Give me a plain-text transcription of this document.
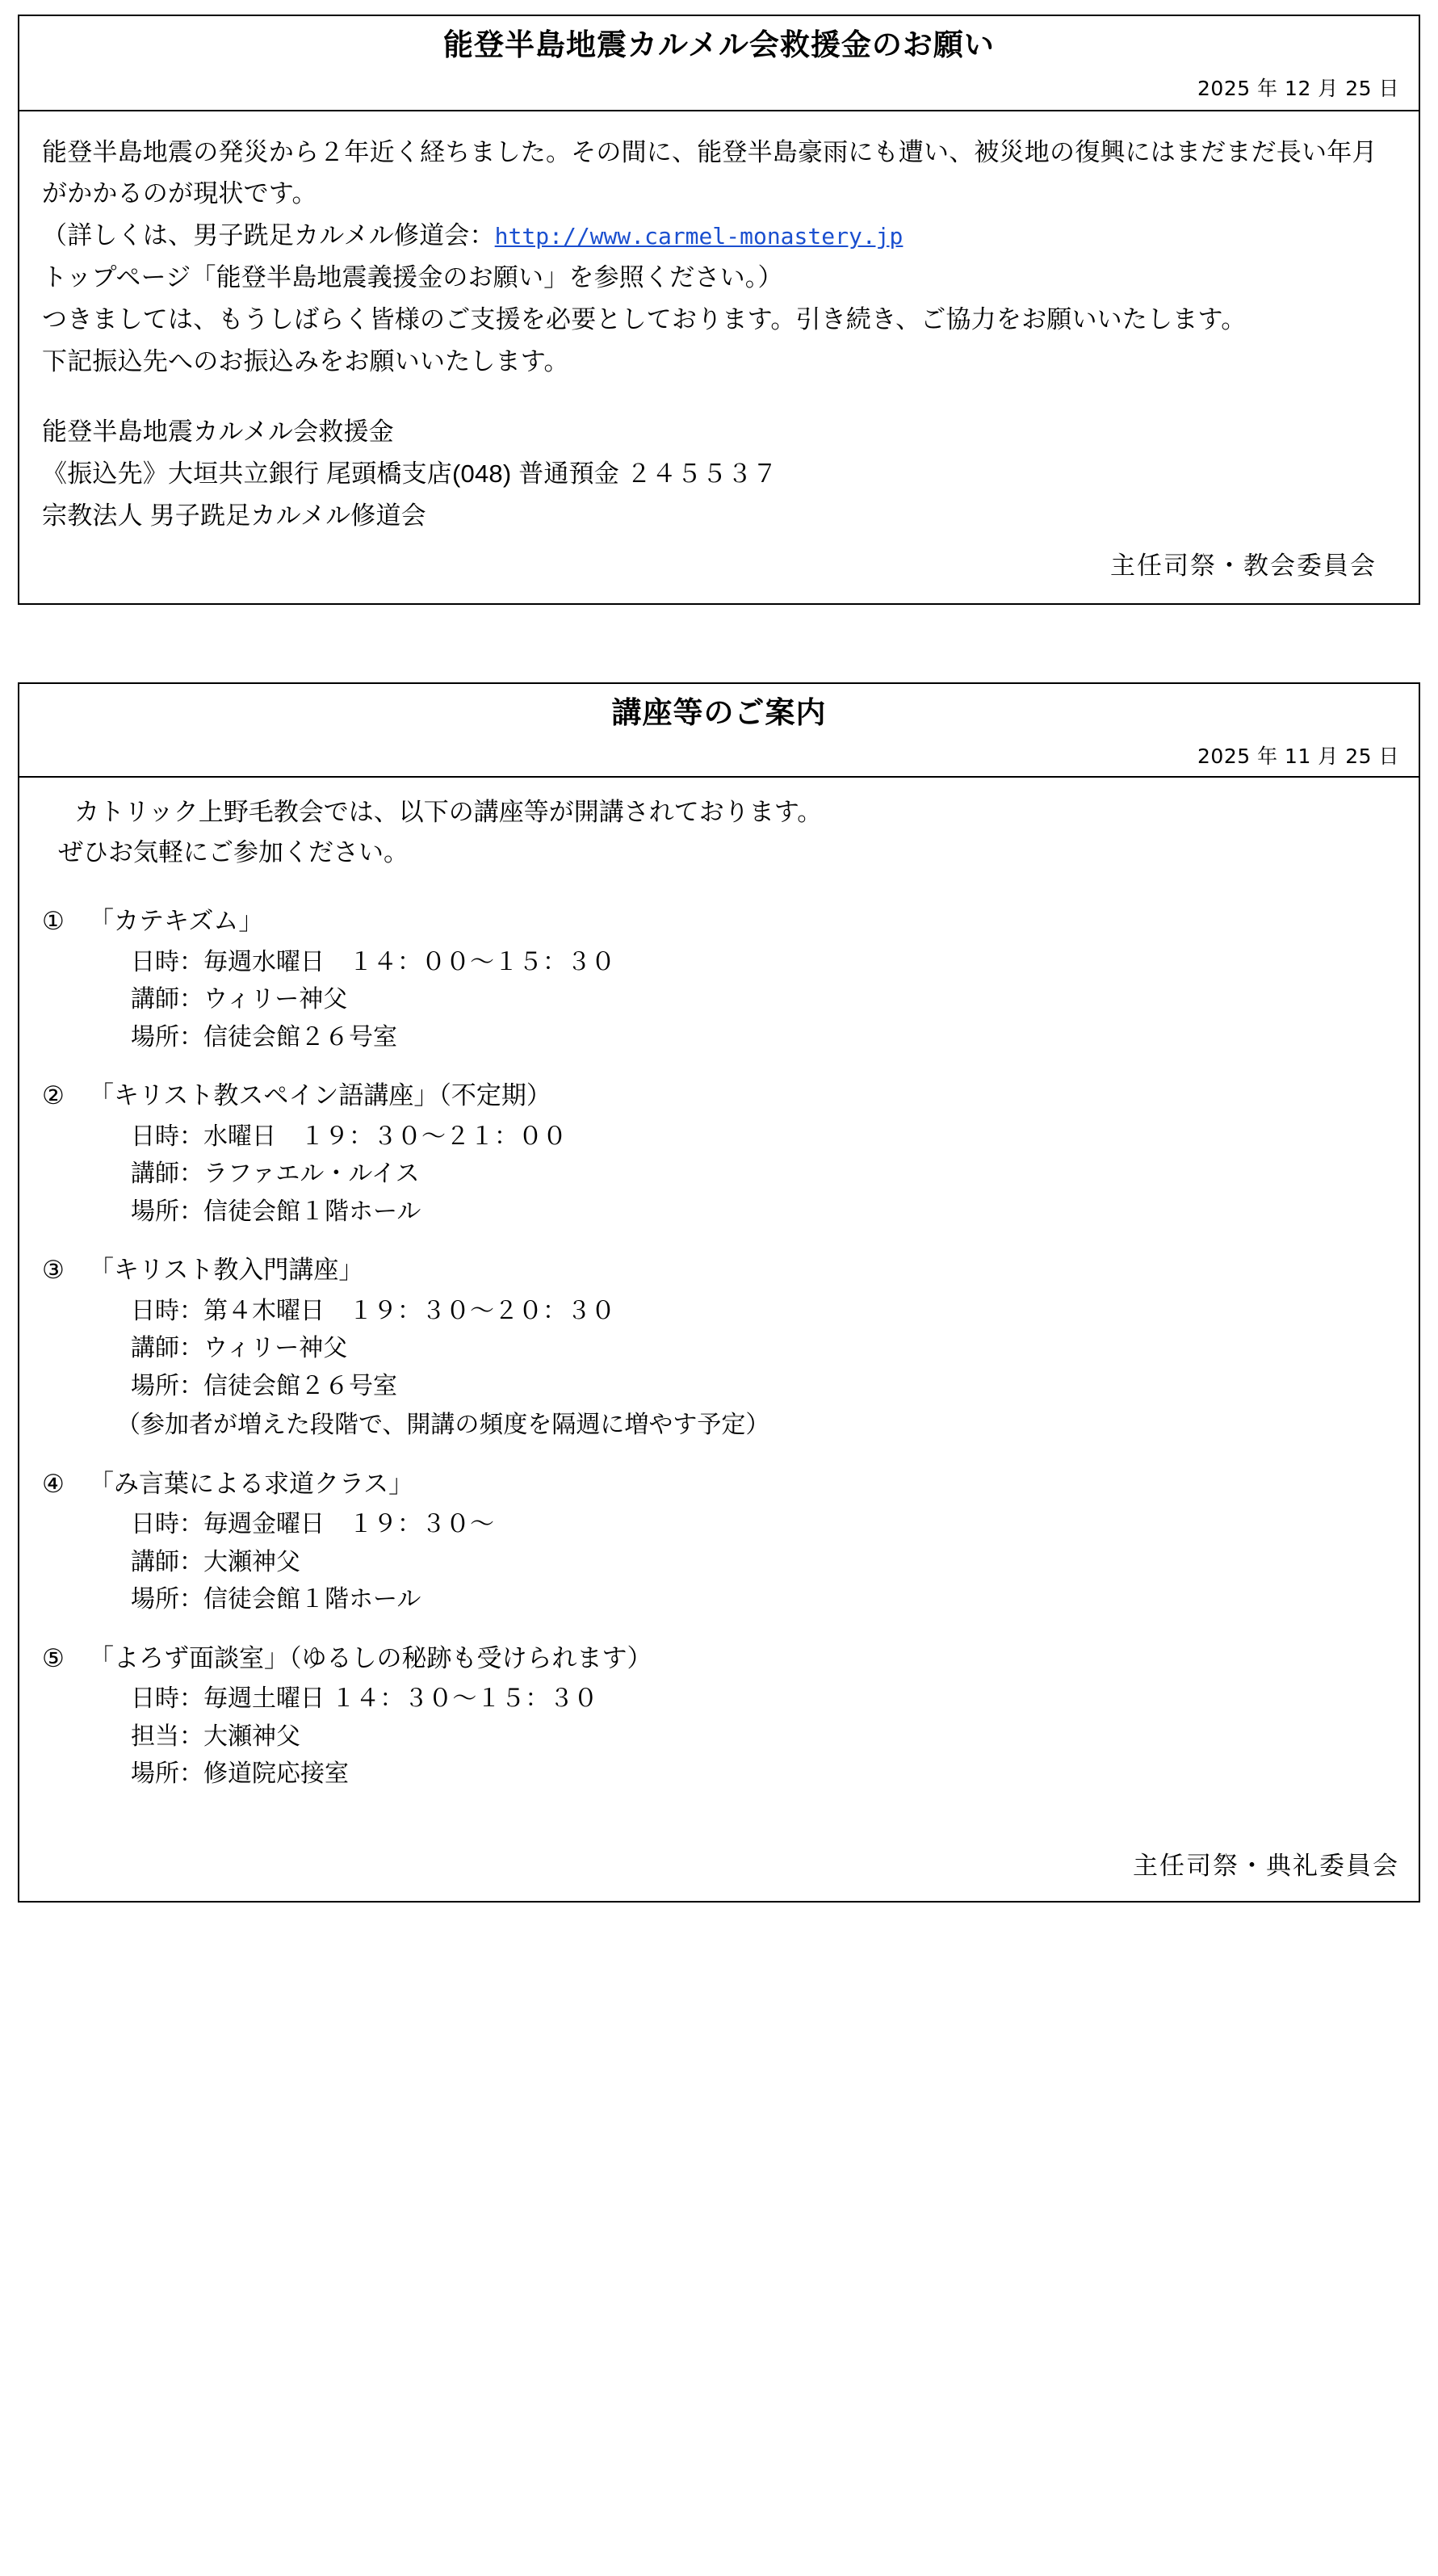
能登半島地震カルメル会救援金のお願い
2025 年 12 月 25 日

能登半島地震の発災から２年近く経ちました。その間に、能登半島豪雨にも遭い、被災地の復興にはまだまだ長い年月がかかるのが現状です。

（詳しくは、男子跣足カルメル修道会：http://www.carmel-monastery.jp

トップページ「能登半島地震義援金のお願い」を参照ください。）

つきましては、もうしばらく皆様のご支援を必要としております。引き続き、ご協力をお願いいたします。

下記振込先へのお振込みをお願いいたします。

能登半島地震カルメル会救援金

《振込先》大垣共立銀行 尾頭橋支店(048) 普通預金 ２４５５３７

宗教法人 男子跣足カルメル修道会

主任司祭・教会委員会
講座等のご案内
2025 年 11 月 25 日

カトリック上野毛教会では、以下の講座等が開講されております。

ぜひお気軽にご参加ください。

① 「カテキズム」
日時：毎週水曜日　１４：００〜１５：３０
講師：ウィリー神父
場所：信徒会館２６号室
② 「キリスト教スペイン語講座」（不定期）
日時：水曜日　１９：３０〜２１：００
講師：ラファエル・ルイス
場所：信徒会館１階ホール
③ 「キリスト教入門講座」
日時：第４木曜日　１９：３０〜２０：３０
講師：ウィリー神父
場所：信徒会館２６号室
（参加者が増えた段階で、開講の頻度を隔週に増やす予定）
④ 「み言葉による求道クラス」
日時：毎週金曜日　１９：３０〜
講師：大瀬神父
場所：信徒会館１階ホール
⑤ 「よろず面談室」（ゆるしの秘跡も受けられます）
日時：毎週土曜日 １４：３０〜１５：３０
担当：大瀬神父
場所：修道院応接室
主任司祭・典礼委員会
